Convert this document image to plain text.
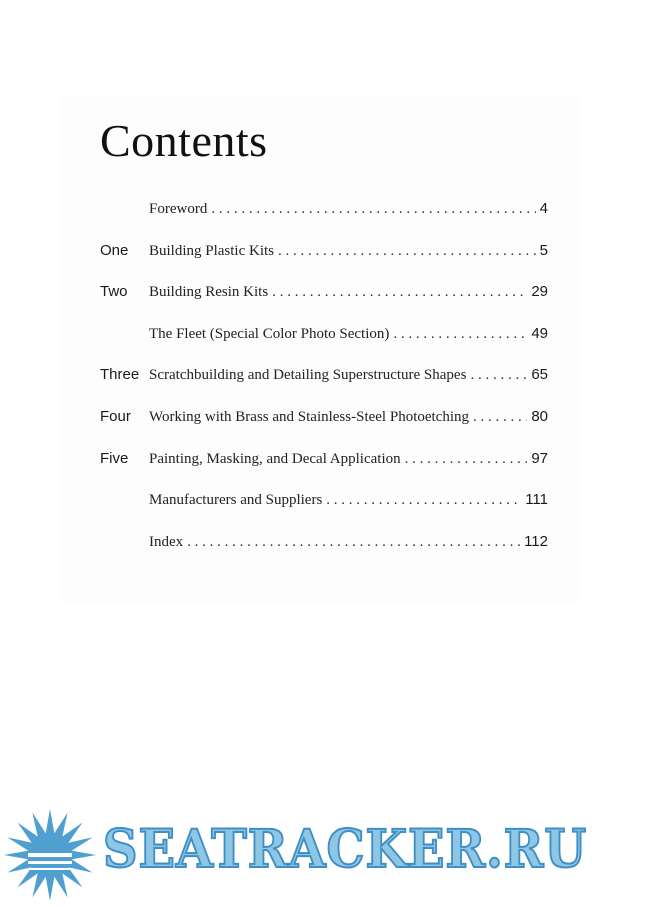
Contents
Foreword . . .	4
One	Building Plastic Kits . . .	5
Two	Building Resin Kits . . .	29
The Fleet (Special Color Photo Section) . . .	49
Three Scratchbuilding and Detailing Superstructure Shapes . . .	65
Four	Working with Brass and Stainless-Steel Photoetching . . .	80
Five	Painting, Masking, and Decal Application . . .	97
Manufacturers and Suppliers . . .	111
Index . . .	112
SEATRACKER.RU
